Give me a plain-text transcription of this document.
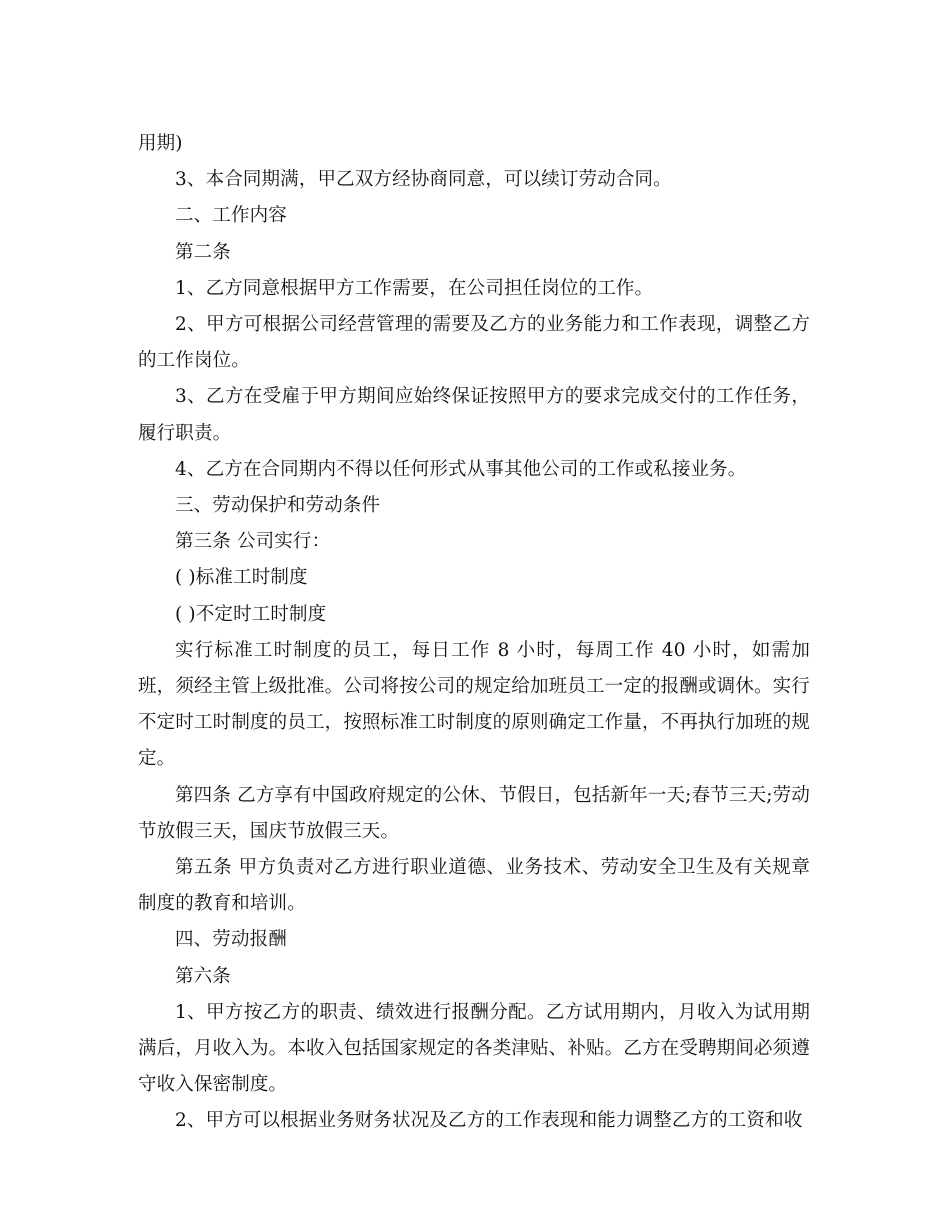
用期)

3、本合同期满，甲乙双方经协商同意，可以续订劳动合同。

二、工作内容

第二条

1、乙方同意根据甲方工作需要，在公司担任岗位的工作。

2、甲方可根据公司经营管理的需要及乙方的业务能力和工作表现，调整乙方的工作岗位。

3、乙方在受雇于甲方期间应始终保证按照甲方的要求完成交付的工作任务，履行职责。

4、乙方在合同期内不得以任何形式从事其他公司的工作或私接业务。

三、劳动保护和劳动条件

第三条 公司实行：

( )标准工时制度

( )不定时工时制度

实行标准工时制度的员工，每日工作 8 小时，每周工作 40 小时，如需加班，须经主管上级批准。公司将按公司的规定给加班员工一定的报酬或调休。实行不定时工时制度的员工，按照标准工时制度的原则确定工作量，不再执行加班的规定。

第四条 乙方享有中国政府规定的公休、节假日，包括新年一天;春节三天;劳动节放假三天，国庆节放假三天。

第五条 甲方负责对乙方进行职业道德、业务技术、劳动安全卫生及有关规章制度的教育和培训。

四、劳动报酬

第六条

1、甲方按乙方的职责、绩效进行报酬分配。乙方试用期内，月收入为试用期满后，月收入为。本收入包括国家规定的各类津贴、补贴。乙方在受聘期间必须遵守收入保密制度。

2、甲方可以根据业务财务状况及乙方的工作表现和能力调整乙方的工资和收
